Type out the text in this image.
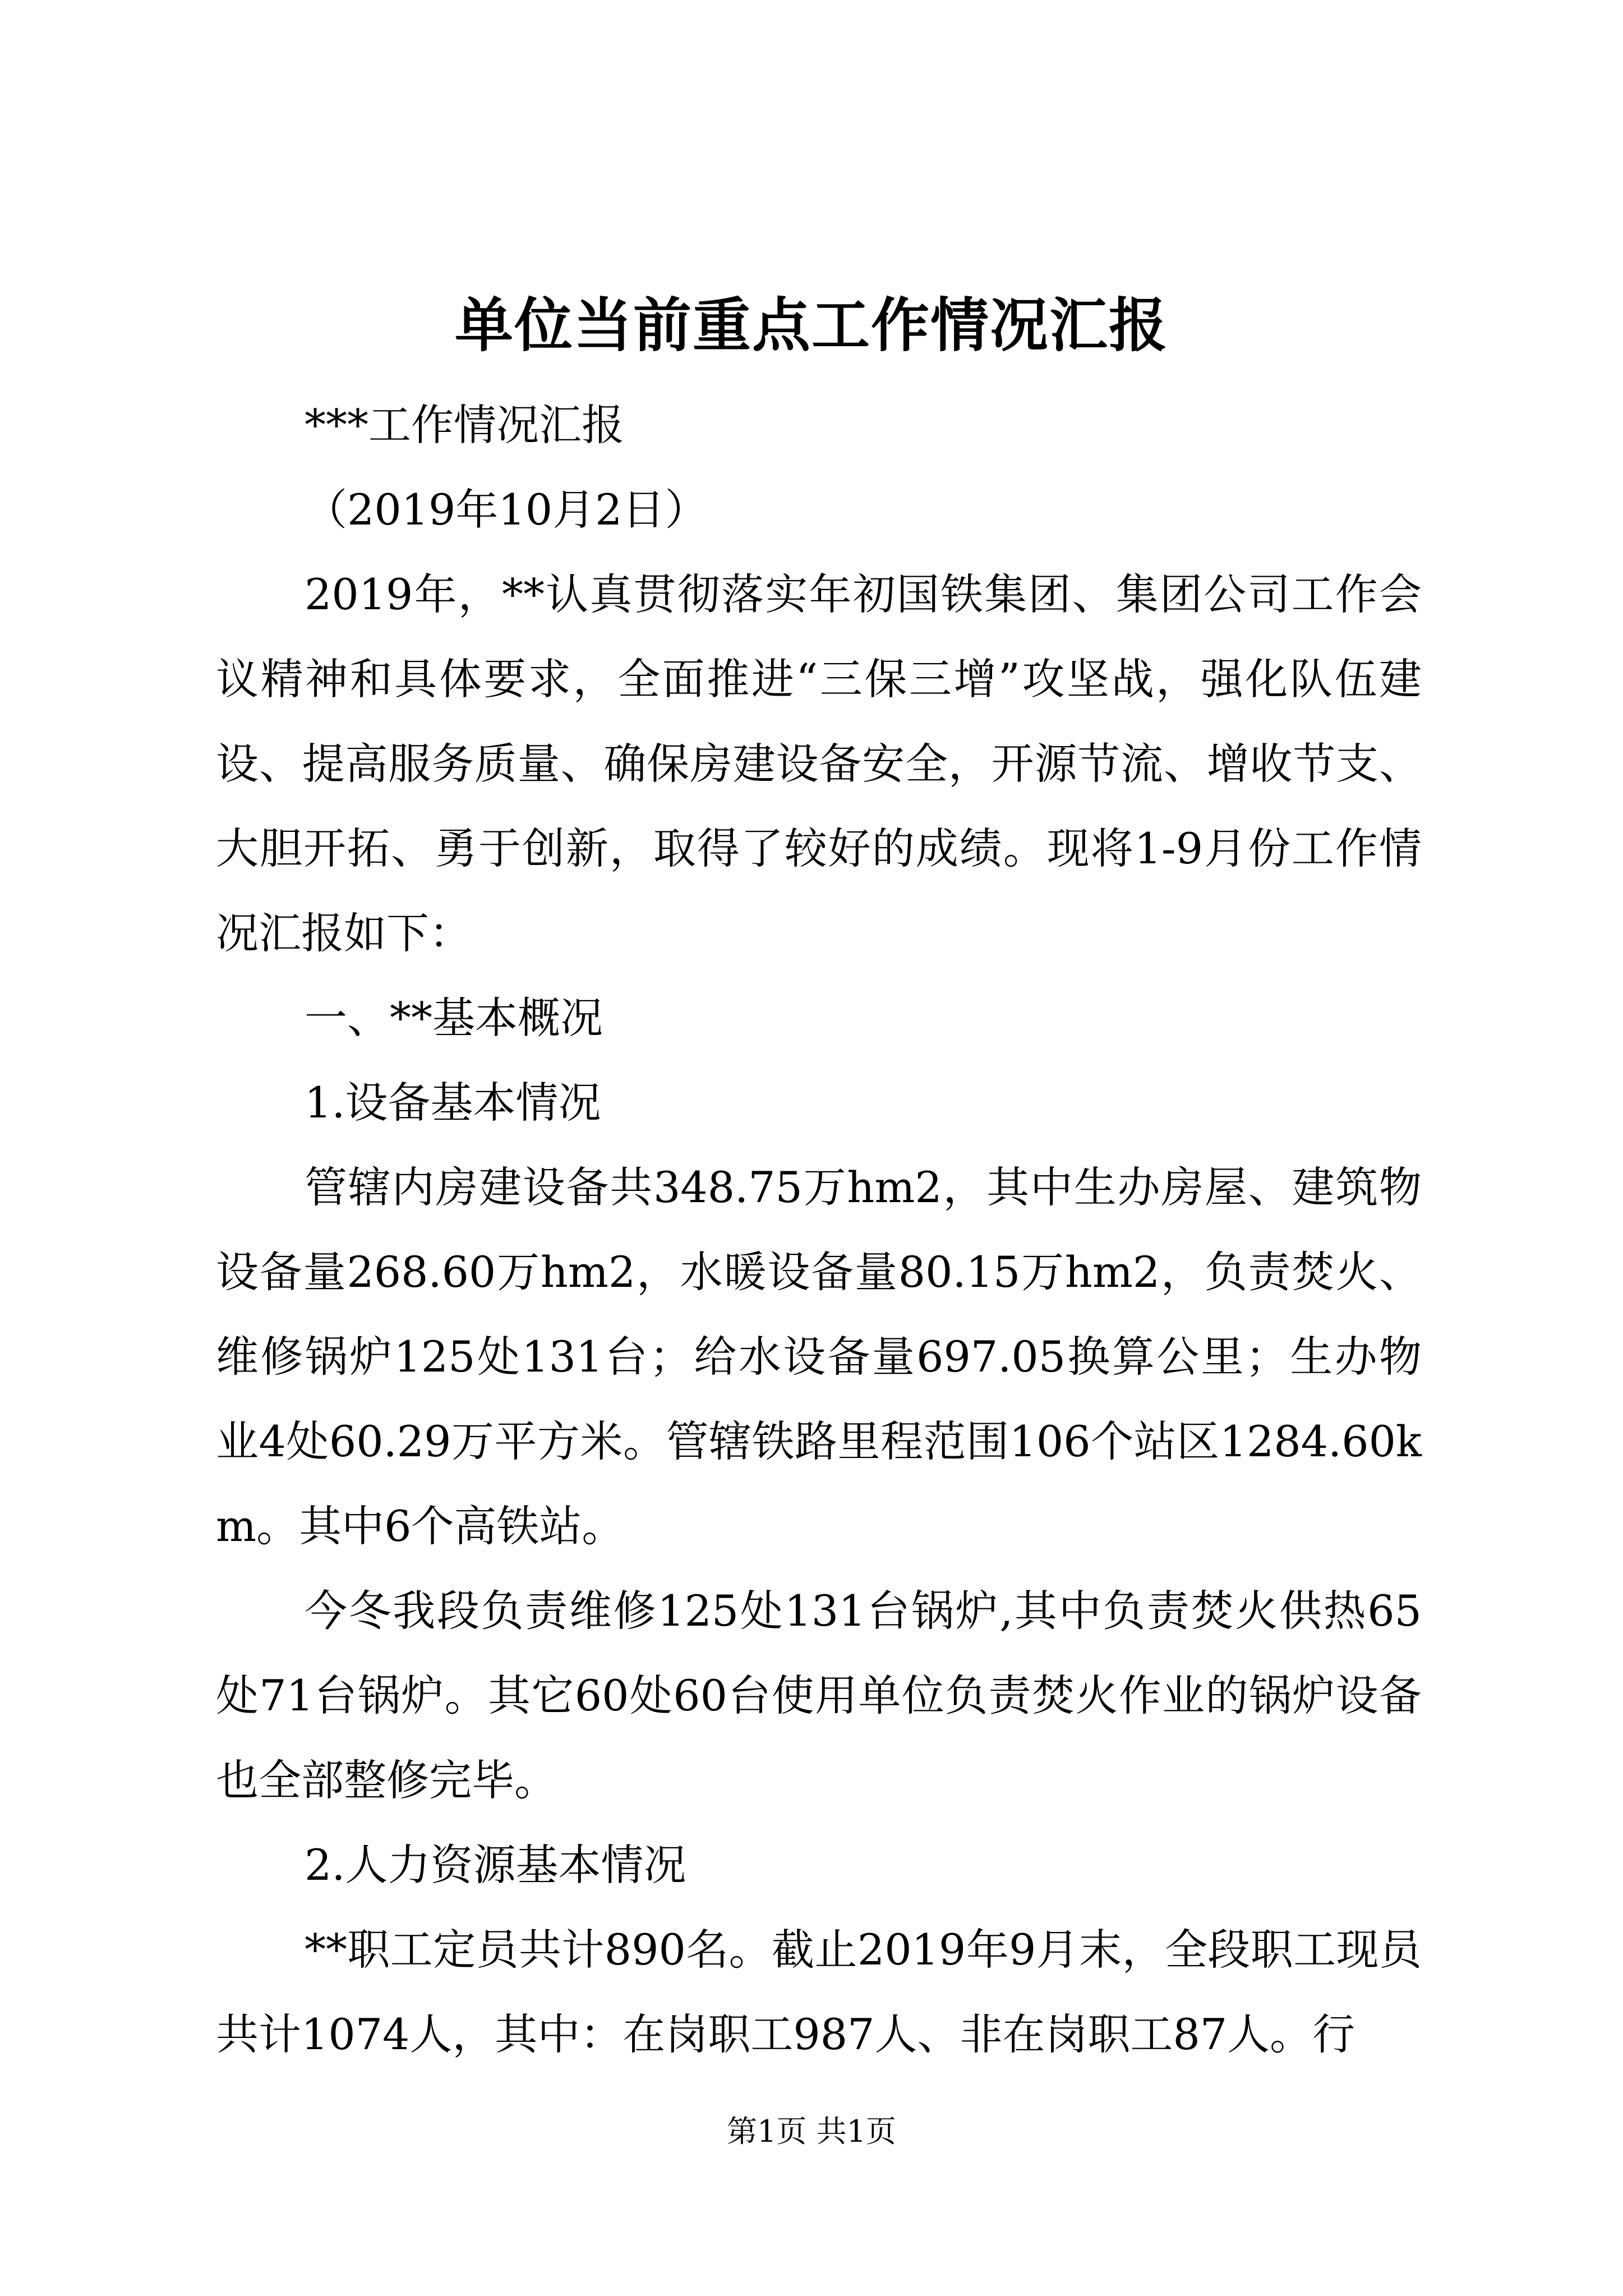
单位当前重点工作情况汇报

***工作情况汇报

（2019年10月2日）

2019年，**认真贯彻落实年初国铁集团、集团公司工作会议精神和具体要求，全面推进“三保三增”攻坚战，强化队伍建设、提高服务质量、确保房建设备安全，开源节流、增收节支、大胆开拓、勇于创新，取得了较好的成绩。现将1-9月份工作情况汇报如下：

一、**基本概况

1.设备基本情况

管辖内房建设备共348.75万hm2，其中生办房屋、建筑物设备量268.60万hm2，水暖设备量80.15万hm2，负责焚火、维修锅炉125处131台；给水设备量697.05换算公里；生办物业4处60.29万平方米。管辖铁路里程范围106个站区1284.60km。其中6个高铁站。

今冬我段负责维修125处131台锅炉,其中负责焚火供热65处71台锅炉。其它60处60台使用单位负责焚火作业的锅炉设备也全部整修完毕。

2.人力资源基本情况

**职工定员共计890名。截止2019年9月末，全段职工现员共计1074人，其中：在岗职工987人、非在岗职工87人。行

第1页 共1页
